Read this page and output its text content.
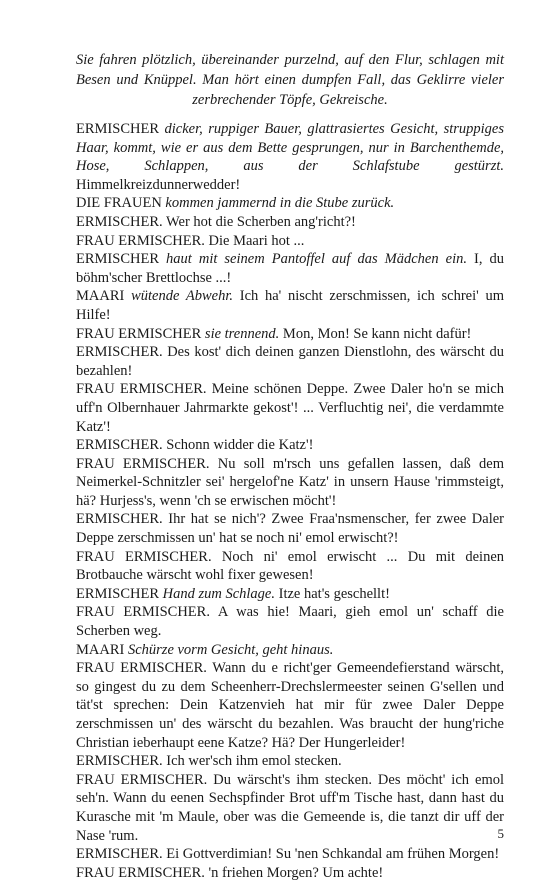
Sie fahren plötzlich, übereinander purzelnd, auf den Flur, schlagen mit Besen und Knüppel. Man hört einen dumpfen Fall, das Geklirre vieler zerbrechender Töpfe, Gekreische.

ERMISCHER dicker, ruppiger Bauer, glattrasiertes Gesicht, struppiges Haar, kommt, wie er aus dem Bette gesprungen, nur in Barchenthemde, Hose, Schlappen, aus der Schlafstube gestürzt. Himmelkreizdunnerwedder!

DIE FRAUEN kommen jammernd in die Stube zurück.

ERMISCHER. Wer hot die Scherben ang'richt?!

FRAU ERMISCHER. Die Maari hot ...

ERMISCHER haut mit seinem Pantoffel auf das Mädchen ein. I, du böhm'scher Brettlochse ...!

MAARI wütende Abwehr. Ich ha' nischt zerschmissen, ich schrei' um Hilfe!

FRAU ERMISCHER sie trennend. Mon, Mon! Se kann nicht dafür!

ERMISCHER. Des kost' dich deinen ganzen Dienstlohn, des wärscht du bezahlen!

FRAU ERMISCHER. Meine schönen Deppe. Zwee Daler ho'n se mich uff'n Olbernhauer Jahrmarkte gekost'! ... Verfluchtig nei', die verdammte Katz'!

ERMISCHER. Schonn widder die Katz'!

FRAU ERMISCHER. Nu soll m'rsch uns gefallen lassen, daß dem Neimerkel-Schnitzler sei' hergelof'ne Katz' in unsern Hause 'rimmsteigt, hä? Hurjess's, wenn 'ch se erwischen möcht'!

ERMISCHER. Ihr hat se nich'? Zwee Fraa'nsmenscher, fer zwee Daler Deppe zerschmissen un' hat se noch ni' emol erwischt?!

FRAU ERMISCHER. Noch ni' emol erwischt ... Du mit deinen Brotbauche wärscht wohl fixer gewesen!

ERMISCHER Hand zum Schlage. Itze hat's geschellt!

FRAU ERMISCHER. A was hie! Maari, gieh emol un' schaff die Scherben weg.

MAARI Schürze vorm Gesicht, geht hinaus.

FRAU ERMISCHER. Wann du e richt'ger Gemeendefierstand wärscht, so gingest du zu dem Scheenherr-Drechslermeester seinen G'sellen und tät'st sprechen: Dein Katzenvieh hat mir für zwee Daler Deppe zerschmissen un' des wärscht du bezahlen. Was braucht der hung'riche Christian ieberhaupt eene Katze? Hä? Der Hungerleider!

ERMISCHER. Ich wer'sch ihm emol stecken.

FRAU ERMISCHER. Du wärscht's ihm stecken. Des möcht' ich emol seh'n. Wann du eenen Sechspfinder Brot uff'm Tische hast, dann hast du Kurasche mit 'm Maule, ober was die Gemeende is, die tanzt dir uff der Nase 'rum.

ERMISCHER. Ei Gottverdimian! Su 'nen Schkandal am frühen Morgen!

FRAU ERMISCHER. 'n friehen Morgen? Um achte!

5
